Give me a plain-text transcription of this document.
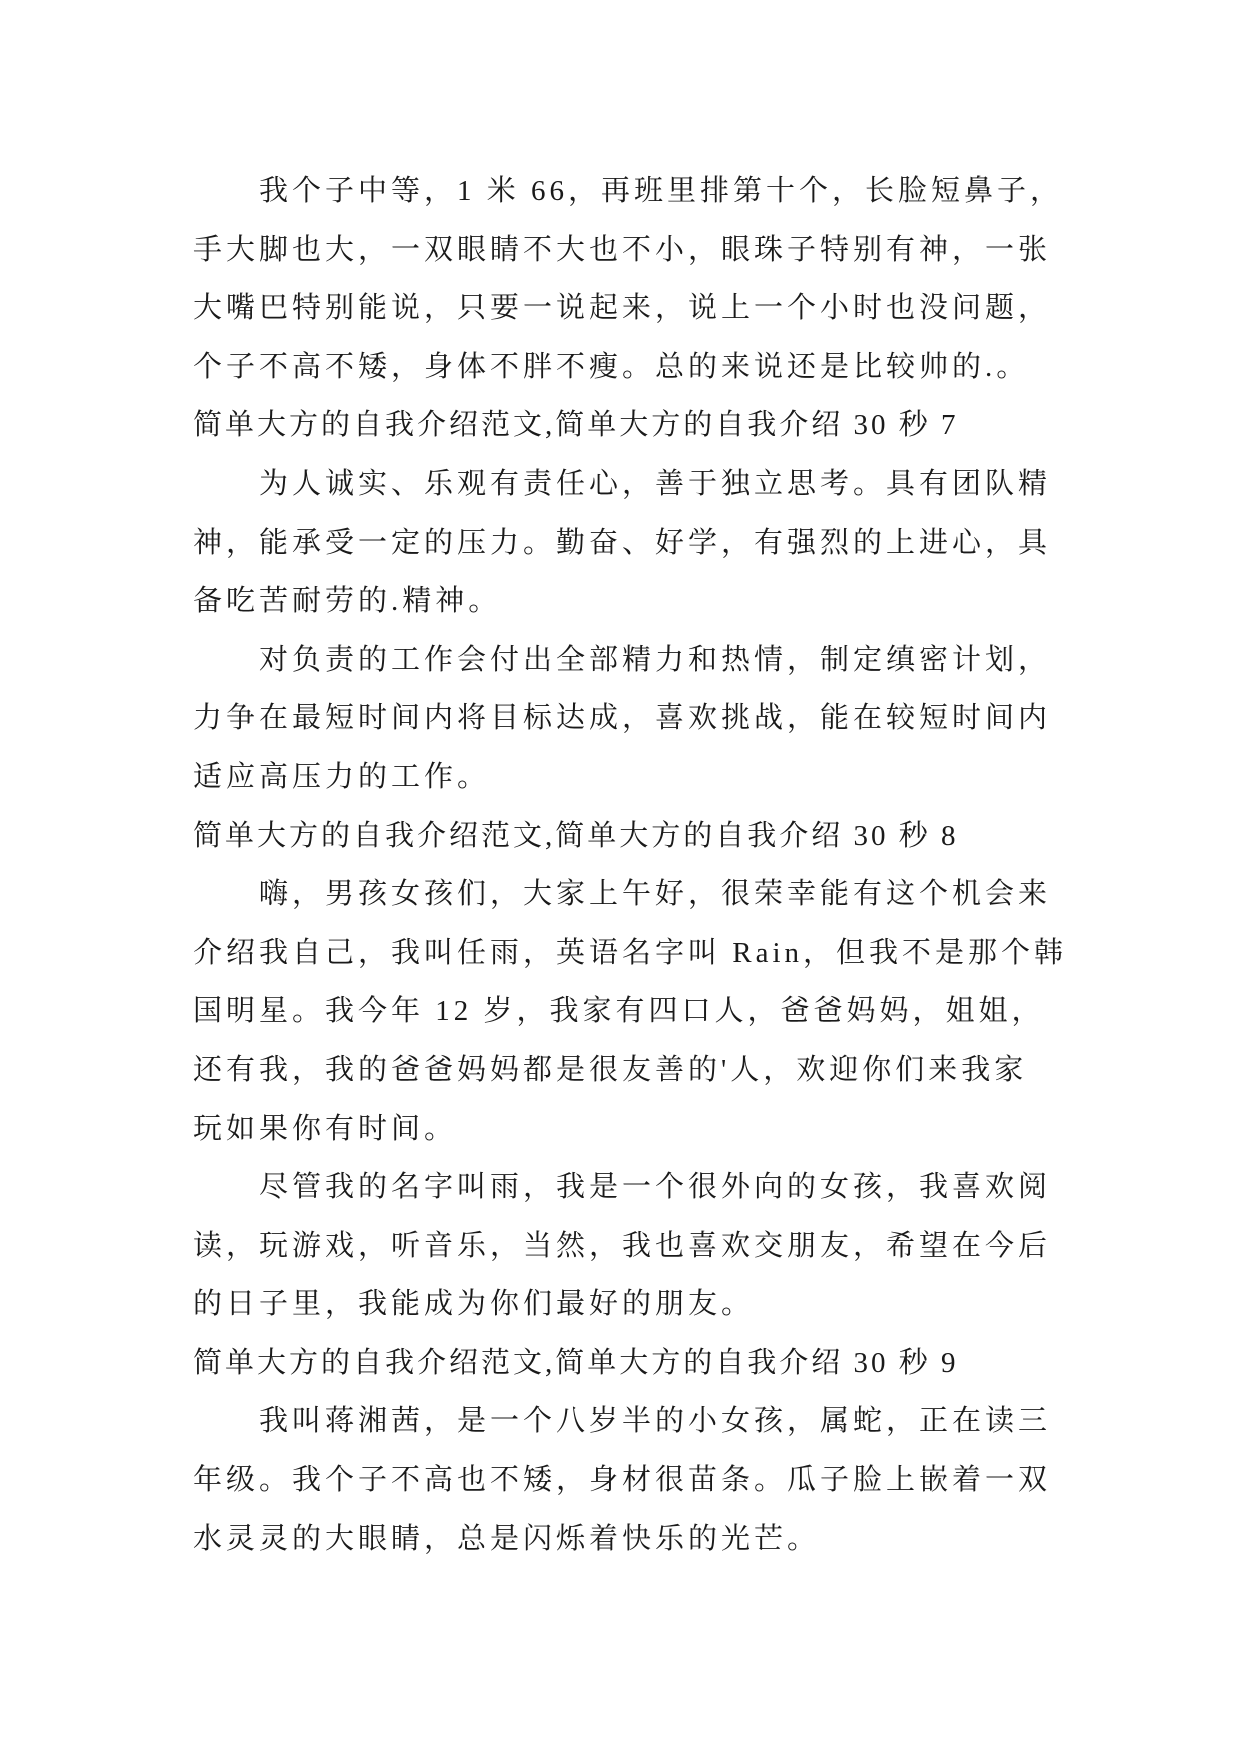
我个子中等，1 米 66，再班里排第十个，长脸短鼻子，
手大脚也大，一双眼睛不大也不小，眼珠子特别有神，一张
大嘴巴特别能说，只要一说起来，说上一个小时也没问题，
个子不高不矮，身体不胖不瘦。总的来说还是比较帅的.。
简单大方的自我介绍范文,简单大方的自我介绍 30 秒 7
为人诚实、乐观有责任心，善于独立思考。具有团队精
神，能承受一定的压力。勤奋、好学，有强烈的上进心，具
备吃苦耐劳的.精神。
对负责的工作会付出全部精力和热情，制定缜密计划，
力争在最短时间内将目标达成，喜欢挑战，能在较短时间内
适应高压力的工作。
简单大方的自我介绍范文,简单大方的自我介绍 30 秒 8
嗨，男孩女孩们，大家上午好，很荣幸能有这个机会来
介绍我自己，我叫任雨，英语名字叫 Rain，但我不是那个韩
国明星。我今年 12 岁，我家有四口人，爸爸妈妈，姐姐，
还有我，我的爸爸妈妈都是很友善的'人，欢迎你们来我家
玩如果你有时间。
尽管我的名字叫雨，我是一个很外向的女孩，我喜欢阅
读，玩游戏，听音乐，当然，我也喜欢交朋友，希望在今后
的日子里，我能成为你们最好的朋友。
简单大方的自我介绍范文,简单大方的自我介绍 30 秒 9
我叫蒋湘茜，是一个八岁半的小女孩，属蛇，正在读三
年级。我个子不高也不矮，身材很苗条。瓜子脸上嵌着一双
水灵灵的大眼睛，总是闪烁着快乐的光芒。
